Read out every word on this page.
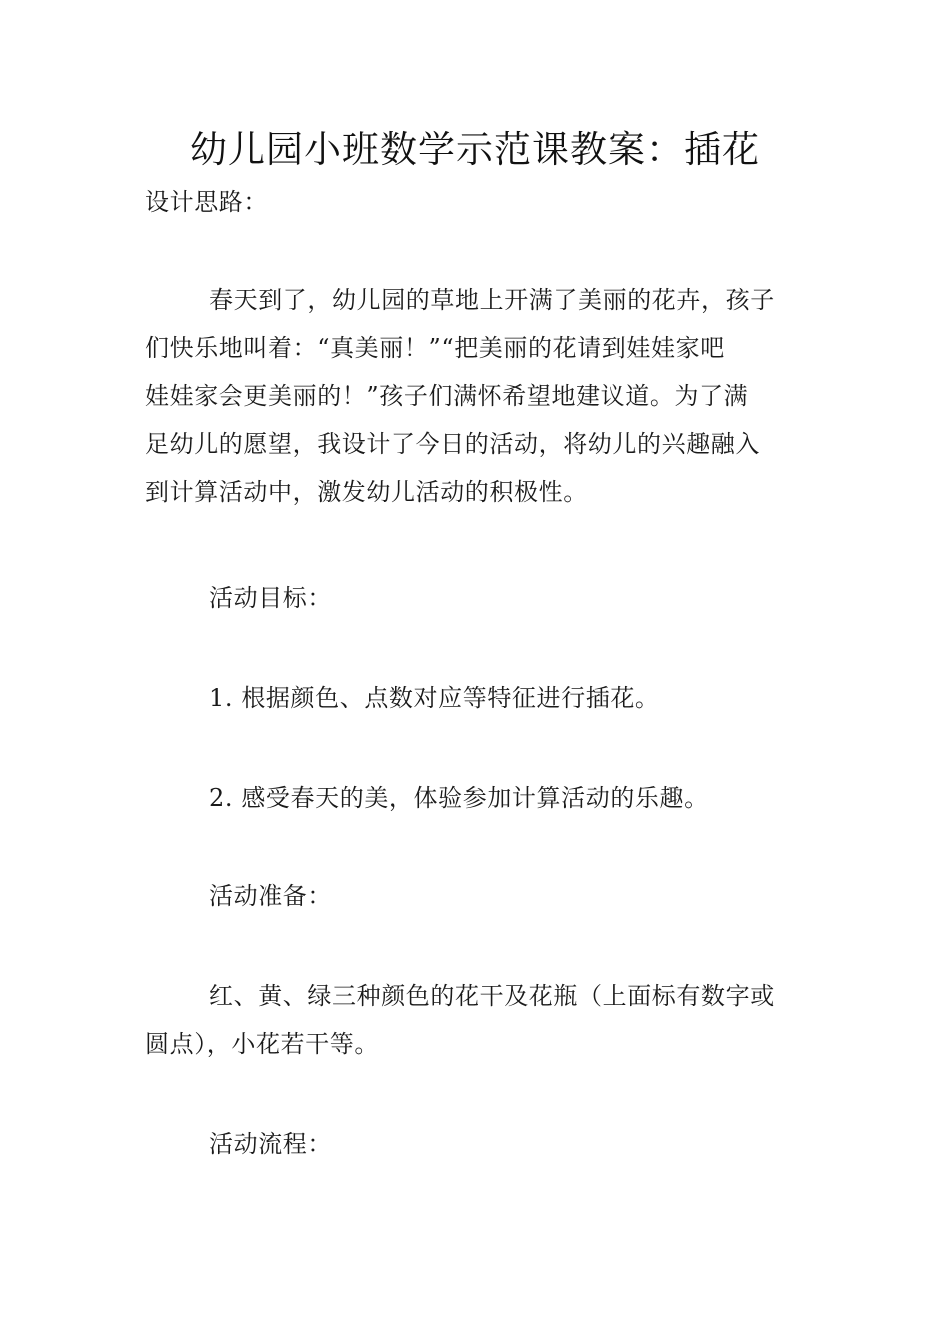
幼儿园小班数学示范课教案：插花
设计思路：
春天到了，幼儿园的草地上开满了美丽的花卉，孩子
们快乐地叫着：“真美丽！”“把美丽的花请到娃娃家吧
娃娃家会更美丽的！”孩子们满怀希望地建议道。为了满
足幼儿的愿望，我设计了今日的活动，将幼儿的兴趣融入
到计算活动中，激发幼儿活动的积极性。
活动目标：
1. 根据颜色、点数对应等特征进行插花。
2. 感受春天的美，体验参加计算活动的乐趣。
活动准备：
红、黄、绿三种颜色的花干及花瓶（上面标有数字或
圆点），小花若干等。
活动流程：
